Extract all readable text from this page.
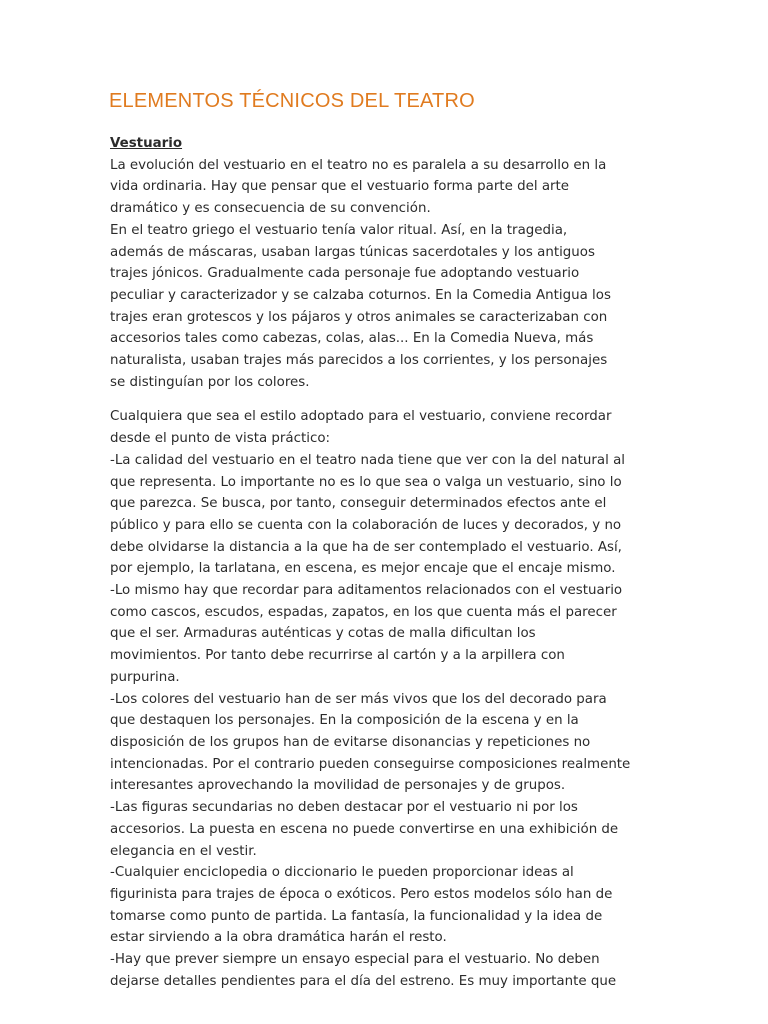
ELEMENTOS TÉCNICOS DEL TEATRO
Vestuario
La evolución del vestuario en el teatro no es paralela a su desarrollo en la
vida ordinaria. Hay que pensar que el vestuario forma parte del arte
dramático y es consecuencia de su convención.
En el teatro griego el vestuario tenía valor ritual. Así, en la tragedia,
además de máscaras, usaban largas túnicas sacerdotales y los antiguos
trajes jónicos. Gradualmente cada personaje fue adoptando vestuario
peculiar y caracterizador y se calzaba coturnos. En la Comedia Antigua los
trajes eran grotescos y los pájaros y otros animales se caracterizaban con
accesorios tales como cabezas, colas, alas... En la Comedia Nueva, más
naturalista, usaban trajes más parecidos a los corrientes, y los personajes
se distinguían por los colores.
Cualquiera que sea el estilo adoptado para el vestuario, conviene recordar
desde el punto de vista práctico:
-La calidad del vestuario en el teatro nada tiene que ver con la del natural al
que representa. Lo importante no es lo que sea o valga un vestuario, sino lo
que parezca. Se busca, por tanto, conseguir determinados efectos ante el
público y para ello se cuenta con la colaboración de luces y decorados, y no
debe olvidarse la distancia a la que ha de ser contemplado el vestuario. Así,
por ejemplo, la tarlatana, en escena, es mejor encaje que el encaje mismo.
-Lo mismo hay que recordar para aditamentos relacionados con el vestuario
como cascos, escudos, espadas, zapatos, en los que cuenta más el parecer
que el ser. Armaduras auténticas y cotas de malla dificultan los
movimientos. Por tanto debe recurrirse al cartón y a la arpillera con
purpurina.
-Los colores del vestuario han de ser más vivos que los del decorado para
que destaquen los personajes. En la composición de la escena y en la
disposición de los grupos han de evitarse disonancias y repeticiones no
intencionadas. Por el contrario pueden conseguirse composiciones realmente
interesantes aprovechando la movilidad de personajes y de grupos.
-Las figuras secundarias no deben destacar por el vestuario ni por los
accesorios. La puesta en escena no puede convertirse en una exhibición de
elegancia en el vestir.
-Cualquier enciclopedia o diccionario le pueden proporcionar ideas al
figurinista para trajes de época o exóticos. Pero estos modelos sólo han de
tomarse como punto de partida. La fantasía, la funcionalidad y la idea de
estar sirviendo a la obra dramática harán el resto.
-Hay que prever siempre un ensayo especial para el vestuario. No deben
dejarse detalles pendientes para el día del estreno. Es muy importante que
